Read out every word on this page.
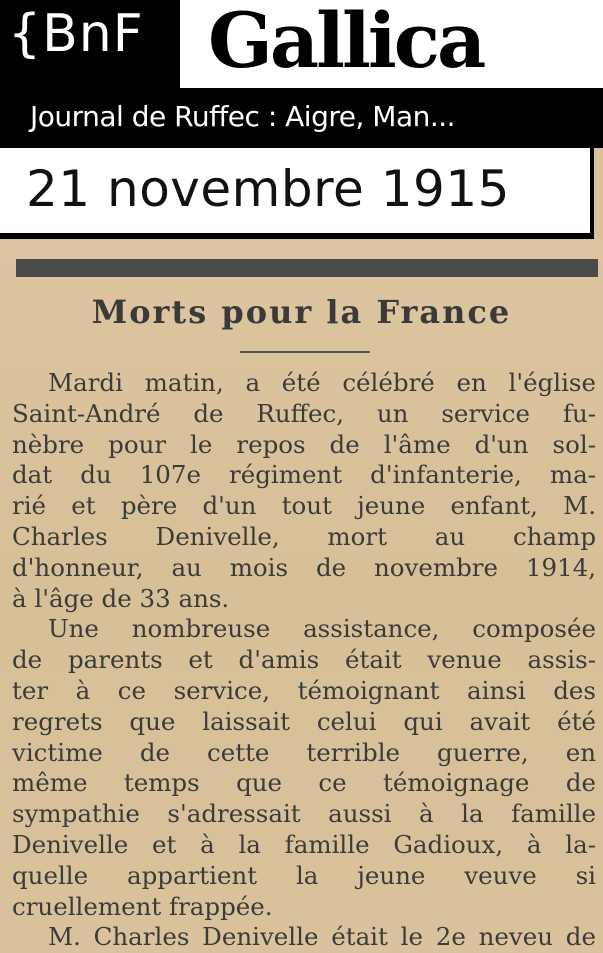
{BnF Gallica
Journal de Ruffec : Aigre, Man...
21 novembre 1915
Morts pour la France
Mardi matin, a été célébré en l'église
Saint-André de Ruffec, un service fu-
nèbre pour le repos de l'âme d'un sol-
dat du 107e régiment d'infanterie, ma-
rié et père d'un tout jeune enfant, M.
Charles Denivelle, mort au champ
d'honneur, au mois de novembre 1914,
à l'âge de 33 ans.
Une nombreuse assistance, composée
de parents et d'amis était venue assis-
ter à ce service, témoignant ainsi des
regrets que laissait celui qui avait été
victime de cette terrible guerre, en
même temps que ce témoignage de
sympathie s'adressait aussi à la famille
Denivelle et à la famille Gadioux, à la-
quelle appartient la jeune veuve si
cruellement frappée.
M. Charles Denivelle était le 2e neveu de
